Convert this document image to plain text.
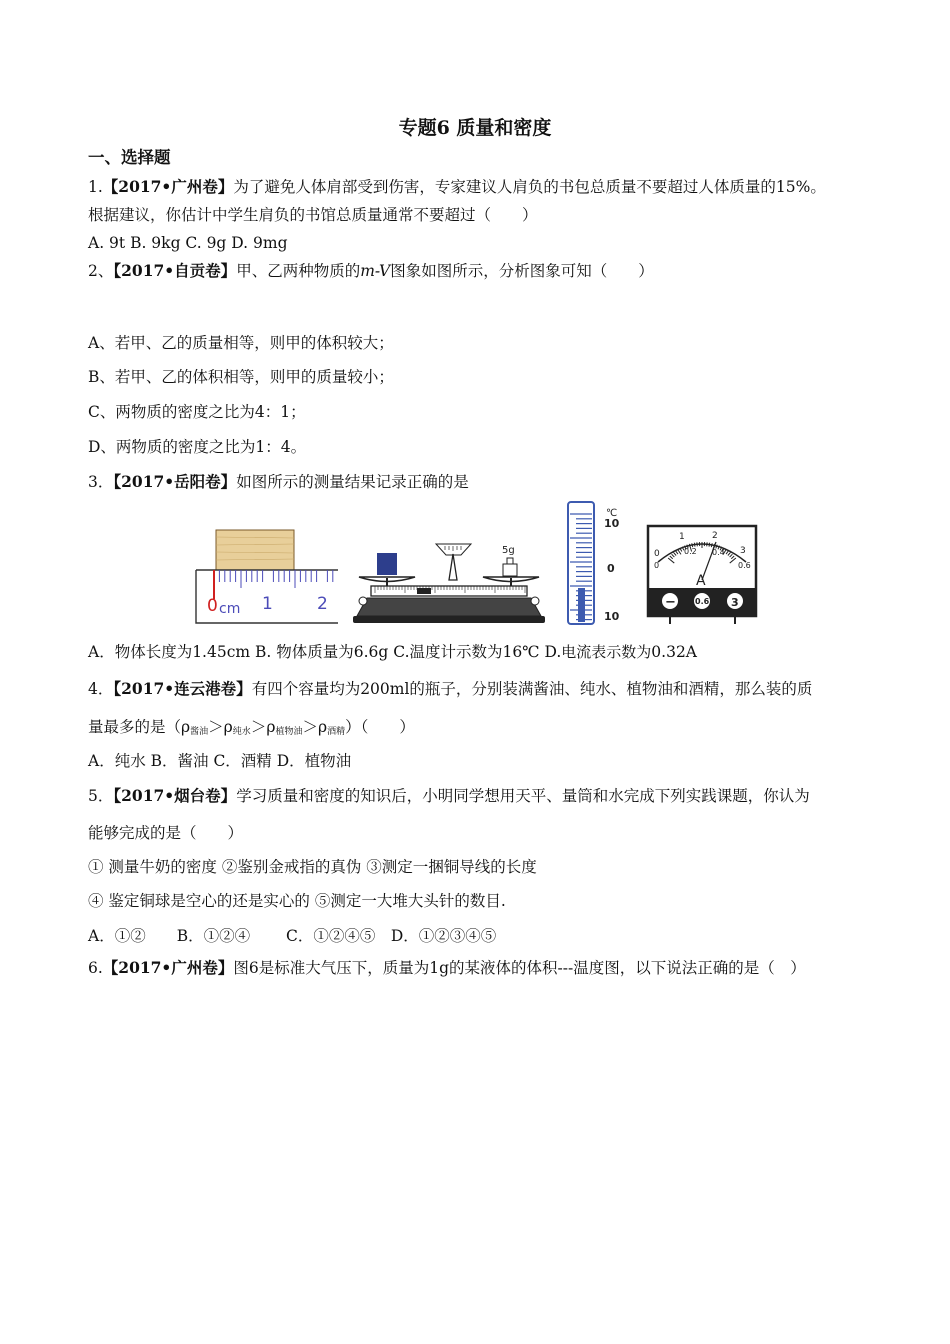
专题6 质量和密度
一、选择题
1.【2017•广州卷】为了避免人体肩部受到伤害，专家建议人肩负的书包总质量不要超过人体质量的15%。
根据建议，你估计中学生肩负的书馆总质量通常不要超过（　　）
A. 9t B. 9kg C. 9g D. 9mg
2、【2017•自贡卷】甲、乙两种物质的m-V图象如图所示，分析图象可知（　　）
A、若甲、乙的质量相等，则甲的体积较大；
B、若甲、乙的体积相等，则甲的质量较小；
C、两物质的密度之比为4：1；
D、两物质的密度之比为1：4。
3．【2017•岳阳卷】如图所示的测量结果记录正确的是
0 cm 1	2
5g
℃
10
0
10
0
1	2
3
0
0.2 0.4
0.6
A
− 0.6 3
A．物体长度为1.45cm B. 物体质量为6.6g C.温度计示数为16℃ D.电流表示数为0.32A
4．【2017•连云港卷】有四个容量均为200ml的瓶子，分别装满酱油、纯水、植物油和酒精，那么装的质
量最多的是$(\rho_{酱油}>\rho_{纯水}>\rho_{植物油}>\rho_{酒精})$（　　）
A．纯水 B．酱油 C．酒精 D．植物油
5．【2017•烟台卷】学习质量和密度的知识后，小明同学想用天平、量筒和水完成下列实践课题，你认为
能够完成的是（　　）
① 测量牛奶的密度 ②鉴别金戒指的真伪 ③测定一捆铜导线的长度
④ 鉴定铜球是空心的还是实心的 ⑤测定一大堆大头针的数目.
A．①②　　B．①②④　　 C．①②④⑤　D．①②③④⑤
6.【2017•广州卷】图6是标准大气压下，质量为1g的某液体的体积---温度图，以下说法正确的是（　）
